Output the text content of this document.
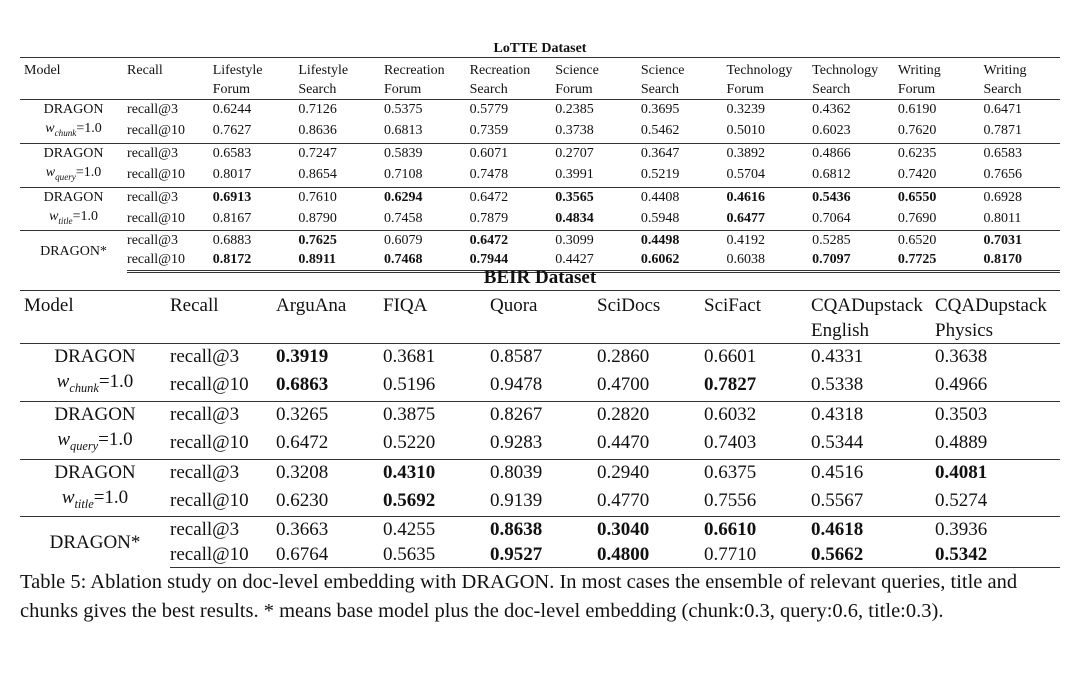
LoTTE Dataset											
Model	Recall	Lifestyle	Lifestyle	Recreation	Recreation	Science	Science	Technology	Technology	Writing	Writing
		Forum	Search	Forum	Search	Forum	Search	Forum	Search	Forum	Search

DRAGON
$w_{chunk}=1.0$	recall@3	0.6244	0.7126	0.5375	0.5779	0.2385	0.3695	0.3239	0.4362	0.6190	0.6471
	recall@10	0.7627	0.8636	0.6813	0.7359	0.3738	0.5462	0.5010	0.6023	0.7620	0.7871

DRAGON
$w_{query}=1.0$	recall@3	0.6583	0.7247	0.5839	0.6071	0.2707	0.3647	0.3892	0.4866	0.6235	0.6583
	recall@10	0.8017	0.8654	0.7108	0.7478	0.3991	0.5219	0.5704	0.6812	0.7420	0.7656

DRAGON
$w_{title}=1.0$	recall@3	0.6913	0.7610	0.6294	0.6472	0.3565	0.4408	0.4616	0.5436	0.6550	0.6928
	recall@10	0.8167	0.8790	0.7458	0.7879	0.4834	0.5948	0.6477	0.7064	0.7690	0.8011

DRAGON*	recall@3	0.6883	0.7625	0.6079	0.6472	0.3099	0.4498	0.4192	0.5285	0.6520	0.7031
	recall@10	0.8172	0.8911	0.7468	0.7944	0.4427	0.6062	0.6038	0.7097	0.7725	0.8170
BEIR Dataset								
Model	Recall	ArguAna	FIQA	Quora	SciDocs	SciFact	CQADupstack	CQADupstack
							English	Physics

DRAGON
$w_{chunk}=1.0$	recall@3	0.3919	0.3681	0.8587	0.2860	0.6601	0.4331	0.3638
	recall@10	0.6863	0.5196	0.9478	0.4700	0.7827	0.5338	0.4966

DRAGON
$w_{query}=1.0$	recall@3	0.3265	0.3875	0.8267	0.2820	0.6032	0.4318	0.3503
	recall@10	0.6472	0.5220	0.9283	0.4470	0.7403	0.5344	0.4889

DRAGON
$w_{title}=1.0$	recall@3	0.3208	0.4310	0.8039	0.2940	0.6375	0.4516	0.4081
	recall@10	0.6230	0.5692	0.9139	0.4770	0.7556	0.5567	0.5274

DRAGON*	recall@3	0.3663	0.4255	0.8638	0.3040	0.6610	0.4618	0.3936
	recall@10	0.6764	0.5635	0.9527	0.4800	0.7710	0.5662	0.5342
Table 5: Ablation study on doc-level embedding with DRAGON. In most cases the ensemble of relevant queries, title and chunks gives the best results. * means base model plus the doc-level embedding (chunk:0.3, query:0.6, title:0.3).
